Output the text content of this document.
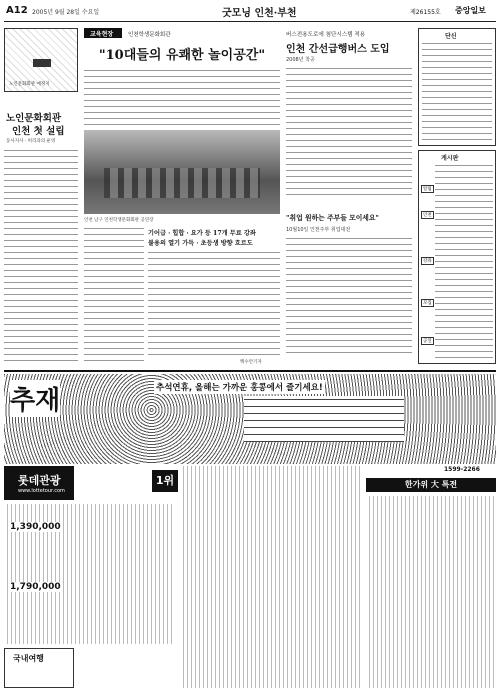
A12 2005년 9월 28일 수요일	굿모닝 인천·부천	제26155호 중앙일보
노인문화회관 예정지
노인문화회관
인천 첫 설립
동사지사 · 허리과의 운영
교육현장	인천학생문화회관
"10대들의 유쾌한 놀이공간"
인천 남구 인천학생문화회관 공연장
기어급 · 힙합 · 요가 등 17개 무료 강좌
불용의 열기 가득 · 초등생 방향 흐르도
백수안기자
버스전용도로에 첨단시스템 적용
인천 간선급행버스 도입
2008년 착공
"취업 원하는 주부들 모이세요"
10월10일 인천주부 취업대전
단신
게시판
알림
인천
강좌
모집
공연
추재	추석연휴, 올해는 가까운 홍콩에서 즐기세요!
롯데관광
www.lottetour.com
1위
1,390,000
1,790,000
한가위 大 특전
1599-2266
국내여행
